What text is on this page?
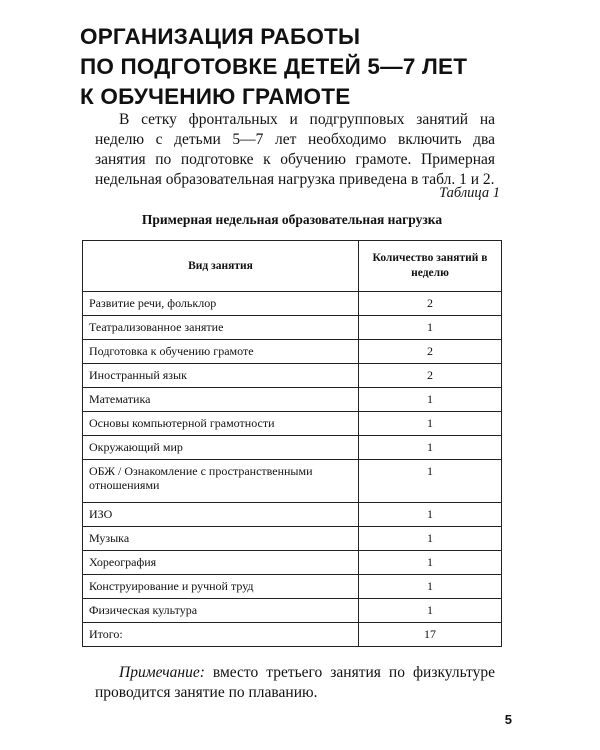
ОРГАНИЗАЦИЯ РАБОТЫ
ПО ПОДГОТОВКЕ ДЕТЕЙ 5—7 ЛЕТ
К ОБУЧЕНИЮ ГРАМОТЕ

В сетку фронтальных и подгрупповых занятий на неделю с детьми 5—7 лет необходимо включить два занятия по подготовке к обучению грамоте. Примерная недельная образовательная нагрузка приведена в табл. 1 и 2.

Таблица 1
Примерная недельная образовательная нагрузка
Вид занятия	Количество занятий в неделю
Развитие речи, фольклор	2
Театрализованное занятие	1
Подготовка к обучению грамоте	2
Иностранный язык	2
Математика	1
Основы компьютерной грамотности	1
Окружающий мир	1
ОБЖ / Ознакомление с пространственными отношениями	1
ИЗО	1
Музыка	1
Хореография	1
Конструирование и ручной труд	1
Физическая культура	1
Итого:	17

Примечание: вместо третьего занятия по физкультуре проводится занятие по плаванию.

5
